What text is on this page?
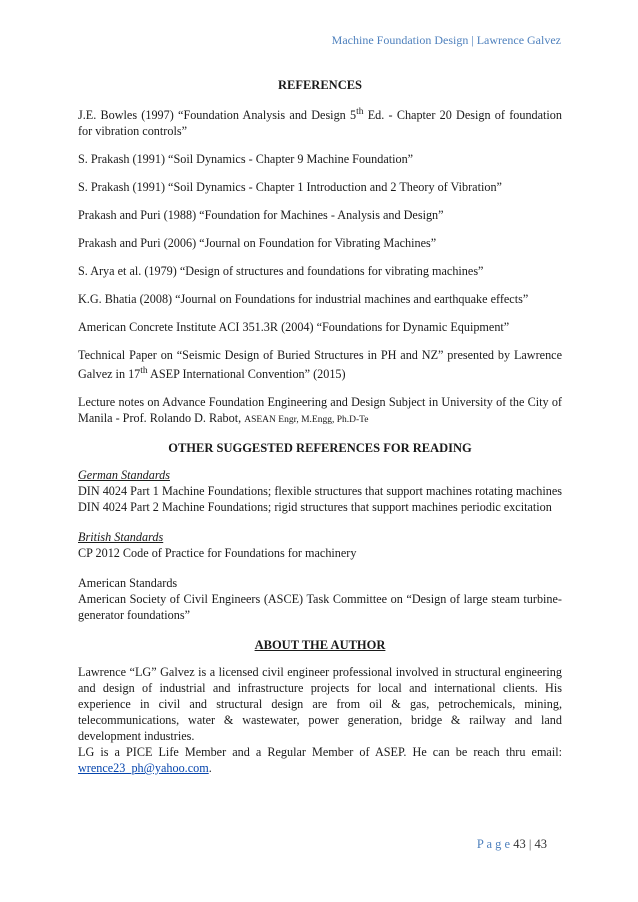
Machine Foundation Design | Lawrence Galvez
REFERENCES

J.E. Bowles (1997) “Foundation Analysis and Design 5th Ed. - Chapter 20 Design of foundation for vibration controls”

S. Prakash (1991) “Soil Dynamics - Chapter 9 Machine Foundation”

S. Prakash (1991) “Soil Dynamics - Chapter 1 Introduction and 2 Theory of Vibration”

Prakash and Puri (1988) “Foundation for Machines - Analysis and Design”

Prakash and Puri (2006) “Journal on Foundation for Vibrating Machines”

S. Arya et al. (1979) “Design of structures and foundations for vibrating machines”

K.G. Bhatia (2008) “Journal on Foundations for industrial machines and earthquake effects”

American Concrete Institute ACI 351.3R (2004) “Foundations for Dynamic Equipment”

Technical Paper on “Seismic Design of Buried Structures in PH and NZ” presented by Lawrence Galvez in 17th ASEP International Convention” (2015)

Lecture notes on Advance Foundation Engineering and Design Subject in University of the City of Manila - Prof. Rolando D. Rabot, ASEAN Engr, M.Engg, Ph.D-Te

OTHER SUGGESTED REFERENCES FOR READING
German Standards
DIN 4024 Part 1 Machine Foundations; flexible structures that support machines rotating machines
DIN 4024 Part 2 Machine Foundations; rigid structures that support machines periodic excitation
British Standards
CP 2012 Code of Practice for Foundations for machinery
American Standards
American Society of Civil Engineers (ASCE) Task Committee on “Design of large steam turbine-generator foundations”
ABOUT THE AUTHOR
Lawrence “LG” Galvez is a licensed civil engineer professional involved in structural engineering and design of industrial and infrastructure projects for local and international clients. His experience in civil and structural design are from oil & gas, petrochemicals, mining, telecommunications, water & wastewater, power generation, bridge & railway and land development industries.
LG is a PICE Life Member and a Regular Member of ASEP. He can be reach thru email: wrence23_ph@yahoo.com.
P a g e 43 | 43
